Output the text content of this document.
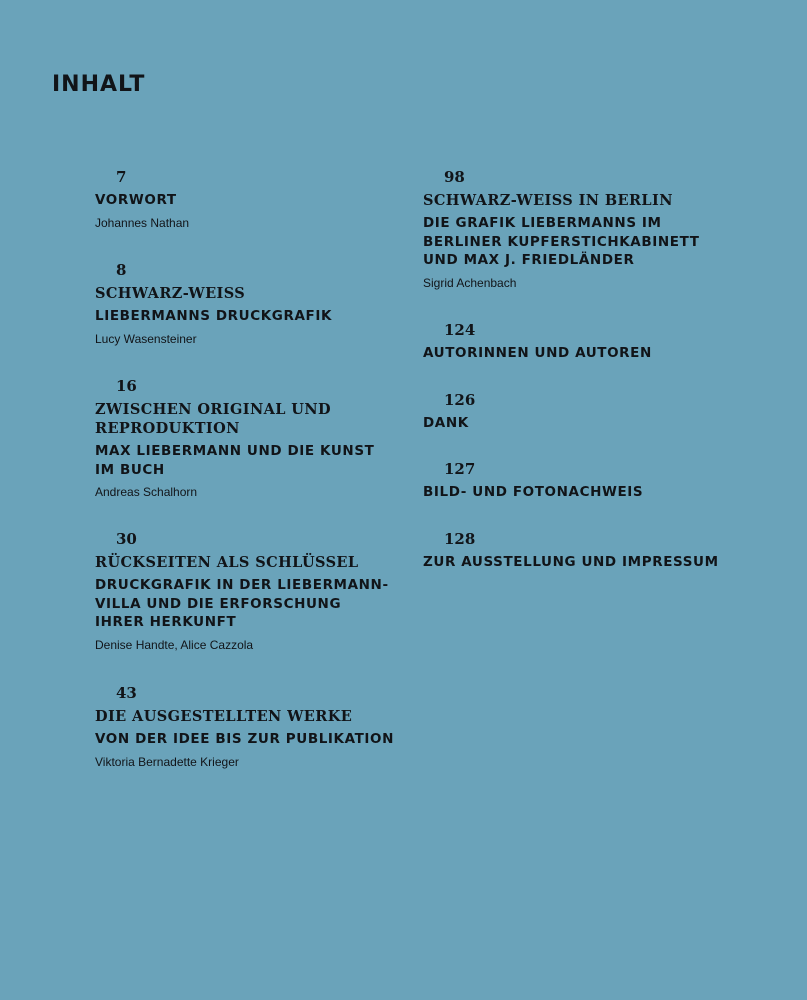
INHALT
7
VORWORT
Johannes Nathan
8
SCHWARZ-WEISS
LIEBERMANNS DRUCKGRAFIK
Lucy Wasensteiner
16
ZWISCHEN ORIGINAL UND
REPRODUKTION
MAX LIEBERMANN UND DIE KUNST
IM BUCH
Andreas Schalhorn
30
RÜCKSEITEN ALS SCHLÜSSEL
DRUCKGRAFIK IN DER LIEBERMANN-
VILLA UND DIE ERFORSCHUNG
IHRER HERKUNFT
Denise Handte, Alice Cazzola
43
DIE AUSGESTELLTEN WERKE
VON DER IDEE BIS ZUR PUBLIKATION
Viktoria Bernadette Krieger
98
SCHWARZ-WEISS IN BERLIN
DIE GRAFIK LIEBERMANNS IM
BERLINER KUPFERSTICHKABINETT
UND MAX J. FRIEDLÄNDER
Sigrid Achenbach
124
AUTORINNEN UND AUTOREN
126
DANK
127
BILD- UND FOTONACHWEIS
128
ZUR AUSSTELLUNG UND IMPRESSUM
